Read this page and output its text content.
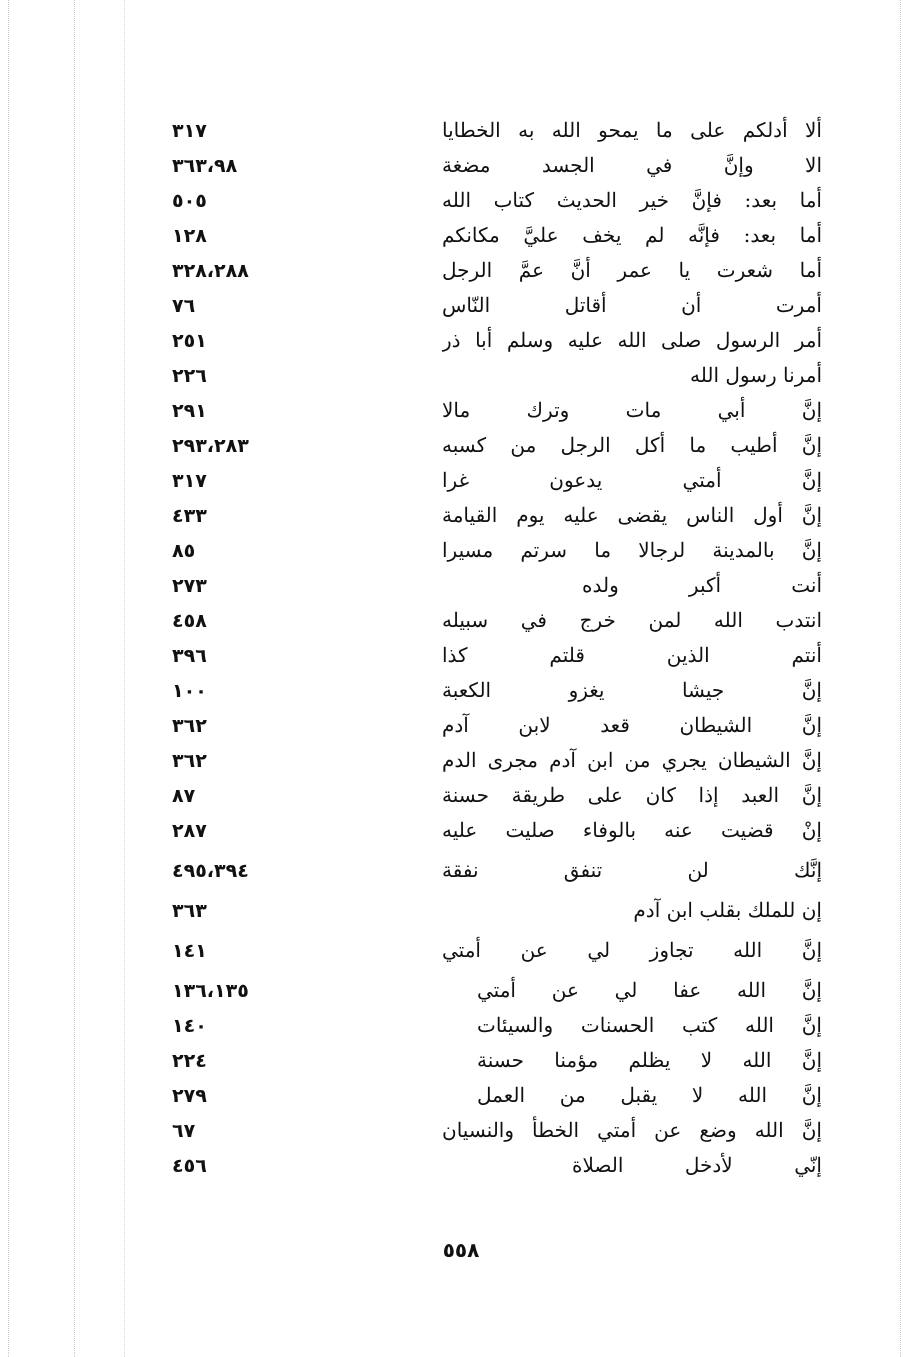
ألا أدلكم على ما يمحو الله به الخطايا
٣١٧
الا وإنَّ في الجسد مضغة
٣٦٣،٩٨
أما بعد: فإنَّ خير الحديث كتاب الله
٥٠٥
أما بعد: فإنَّه لم يخف عليَّ مكانكم
١٢٨
أما شعرت يا عمر أنَّ عمَّ الرجل
٣٢٨،٢٨٨
أمرت أن أقاتل النّاس
٧٦
أمر الرسول صلى الله عليه وسلم أبا ذر
٢٥١
أمرنا رسول الله
٢٢٦
إنَّ أبي مات وترك مالا
٢٩١
إنَّ أطيب ما أكل الرجل من كسبه
٢٩٣،٢٨٣
إنَّ أمتي يدعون غرا
٣١٧
إنَّ أول الناس يقضى عليه يوم القيامة
٤٣٣
إنَّ بالمدينة لرجالا ما سرتم مسيرا
٨٥
أنت أكبر ولده
٢٧٣
انتدب الله لمن خرج في سبيله
٤٥٨
أنتم الذين قلتم كذا
٣٩٦
إنَّ جيشا يغزو الكعبة
١٠٠
إنَّ الشيطان قعد لابن آدم
٣٦٢
إنَّ الشيطان يجري من ابن آدم مجرى الدم
٣٦٢
إنَّ العبد إذا كان على طريقة حسنة
٨٧
إنْ قضيت عنه بالوفاء صليت عليه
٢٨٧
إنَّك لن تنفق نفقة
٤٩٥،٣٩٤
إن للملك بقلب ابن آدم
٣٦٣
إنَّ الله تجاوز لي عن أمتي
١٤١
إنَّ الله عفا لي عن أمتي
١٣٦،١٣٥
إنَّ الله كتب الحسنات والسيئات
١٤٠
إنَّ الله لا يظلم مؤمنا حسنة
٢٢٤
إنَّ الله لا يقبل من العمل
٢٧٩
إنَّ الله وضع عن أمتي الخطأ والنسيان
٦٧
إنّي لأدخل الصلاة
٤٥٦
٥٥٨
